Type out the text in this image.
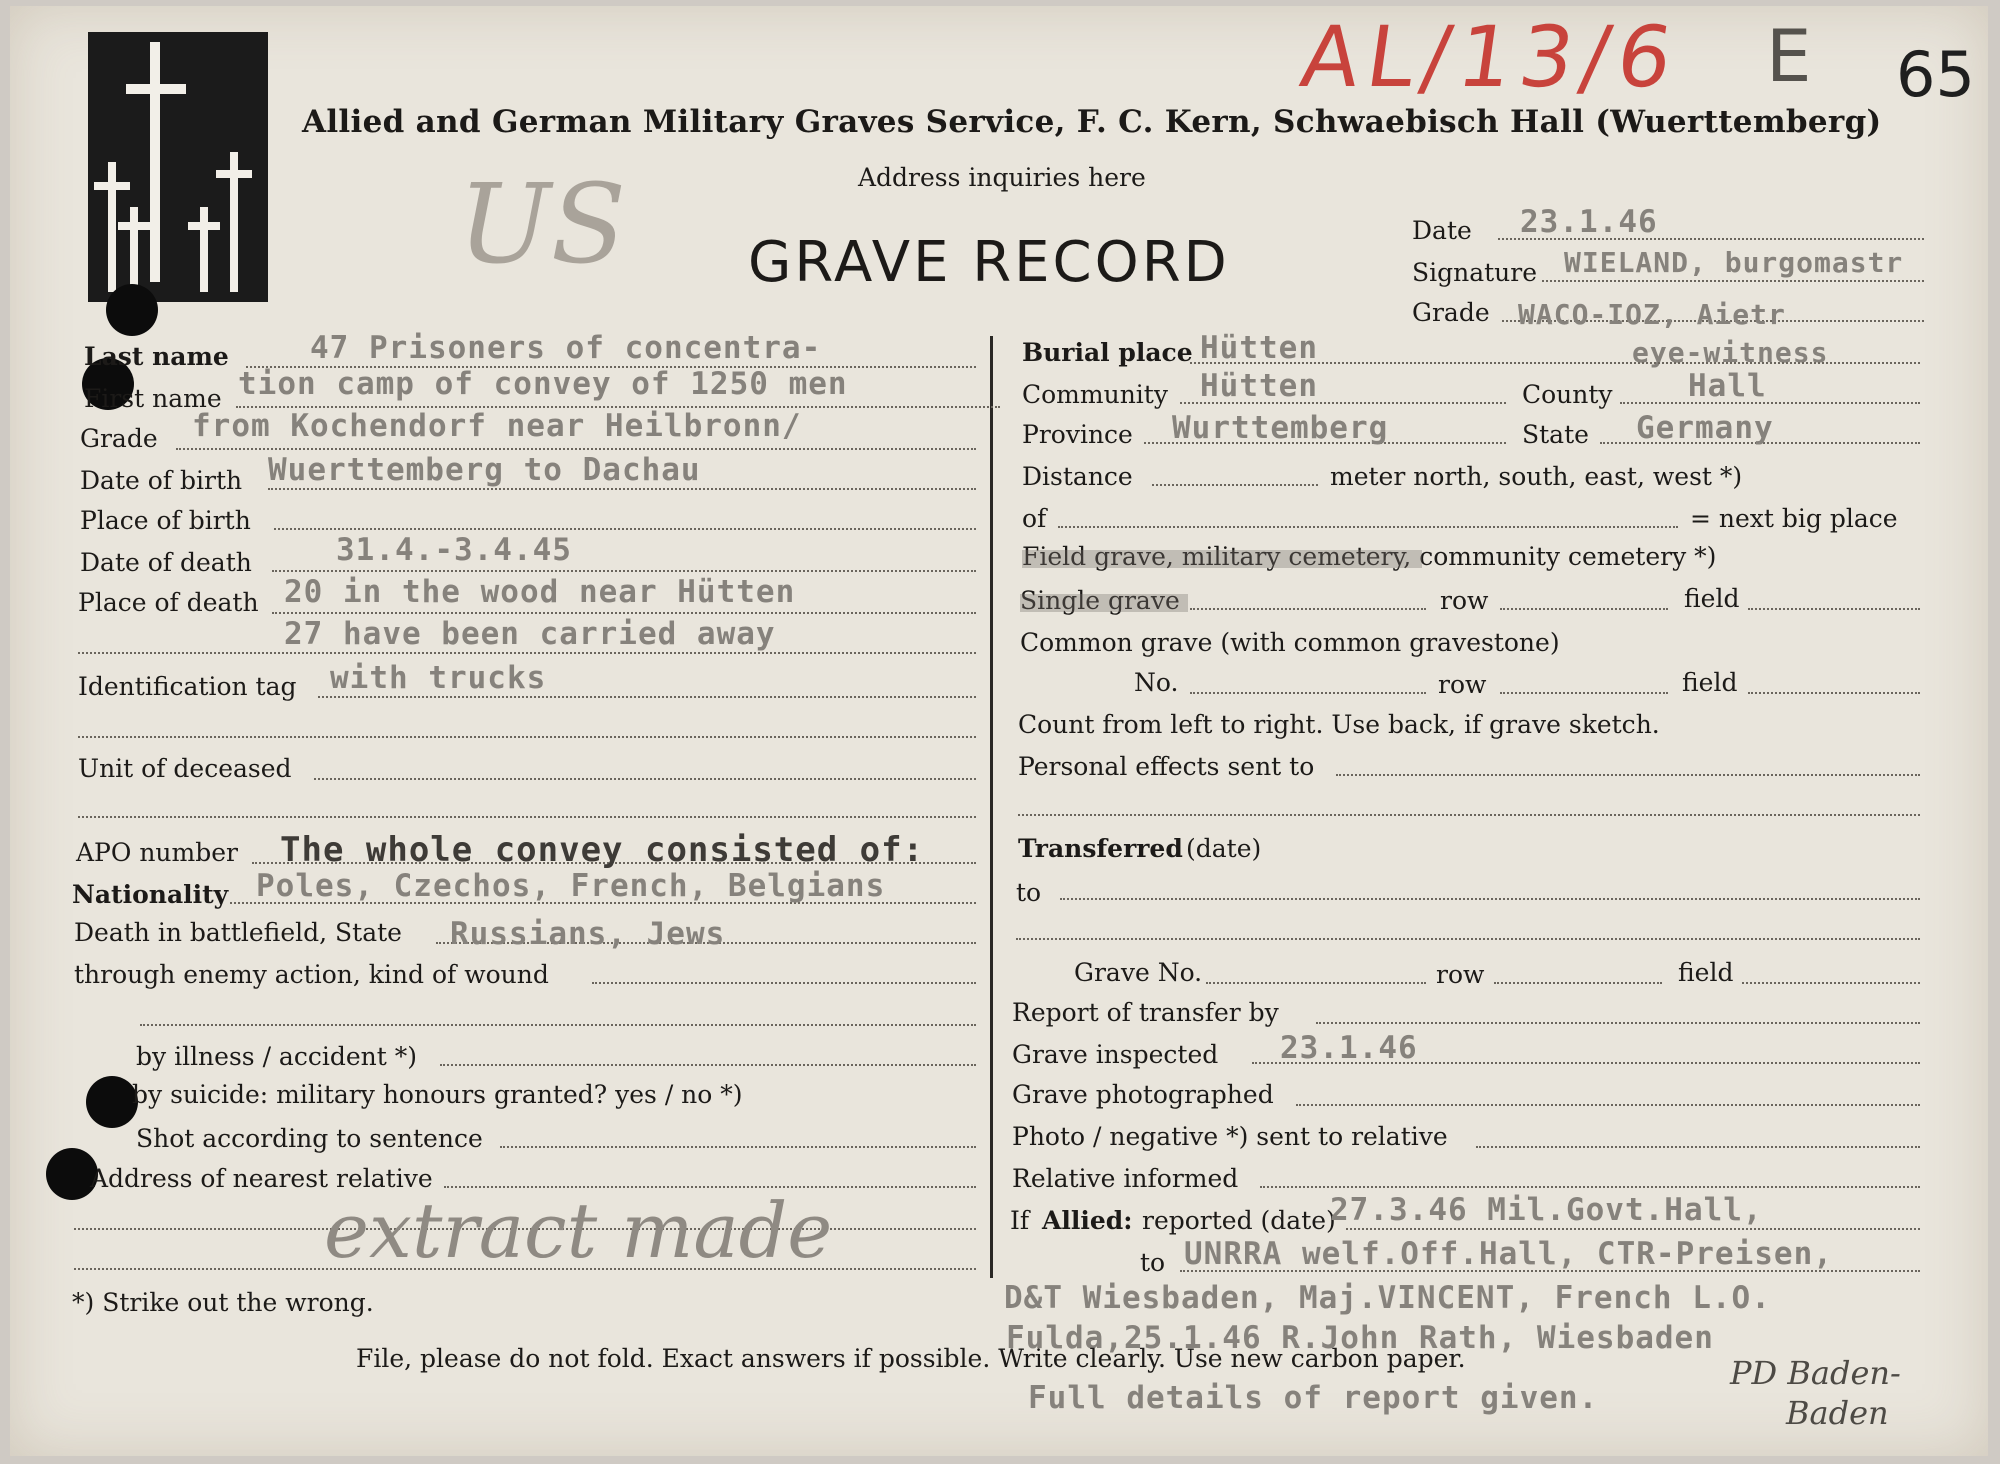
Allied and German Military Graves Service, F. C. Kern, Schwaebisch Hall (Wuerttemberg)
Address inquiries here
GRAVE RECORD
AL/13/6 E 65
US	Date 23.1.46
Signature WIELAND, burgomastr
Grade WACO-IOZ, Aietr
eye-witness
Last name	47 Prisoners of concentra-
First name tion camp of convey of 1250 men
Grade from Kochendorf near Heilbronn/
Date of birth Wuerttemberg to Dachau
Place of birth
Date of death	31.4.-3.4.45
Place of death 20 in the wood near Hütten
27 have been carried away
Identification tag with trucks
Unit of deceased
APO number The whole convey consisted of:
Nationality Poles, Czechos, French, Belgians
Death in battlefield, State Russians, Jews
through enemy action, kind of wound
by illness / accident *)
by suicide: military honours granted? yes / no *)
Shot according to sentence
Address of nearest relative
extract made
*) Strike out the wrong.
Burial place Hütten
Community Hütten	County Hall
Province Wurttemberg	State Germany
Distance	meter north, south, east, west *)
of	= next big place
Field grave, military cemetery, community cemetery *)
Single grave	row	field
Common grave (with common gravestone)
No.	row	field
Count from left to right. Use back, if grave sketch.
Personal effects sent to
Transferred (date)
to
Grave No.	row	field
Report of transfer by
Grave inspected 23.1.46
Grave photographed
Photo / negative *) sent to relative
Relative informed
If Allied: reported (date)
27.3.46 Mil.Govt.Hall,
to UNRRA welf.Off.Hall, CTR-Preisen,
D&T Wiesbaden, Maj.VINCENT, French L.O.
Fulda,25.1.46 R.John Rath, Wiesbaden
Full details of report given.
PD Baden-
Baden
File, please do not fold. Exact answers if possible. Write clearly. Use new carbon paper.
